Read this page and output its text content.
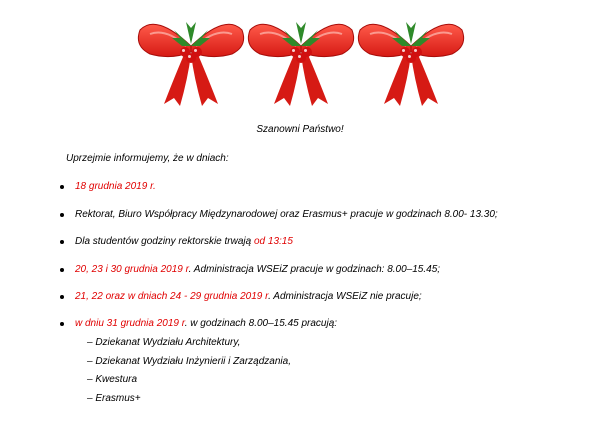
Szanowni Państwo!
Uprzejmie informujemy, że w dniach:
18 grudnia 2019 r.
Rektorat, Biuro Współpracy Międzynarodowej oraz Erasmus+ pracuje w godzinach 8.00- 13.30;
Dla studentów godziny rektorskie trwają od 13:15
20, 23 i 30 grudnia 2019 r. Administracja WSEiZ pracuje w godzinach: 8.00–15.45;
21, 22 oraz w dniach 24 - 29 grudnia 2019 r. Administracja WSEiZ nie pracuje;
w dniu 31 grudnia 2019 r. w godzinach 8.00–15.45 pracują:
– Dziekanat Wydziału Architektury,
– Dziekanat Wydziału Inżynierii i Zarządzania,
– Kwestura
– Erasmus+
